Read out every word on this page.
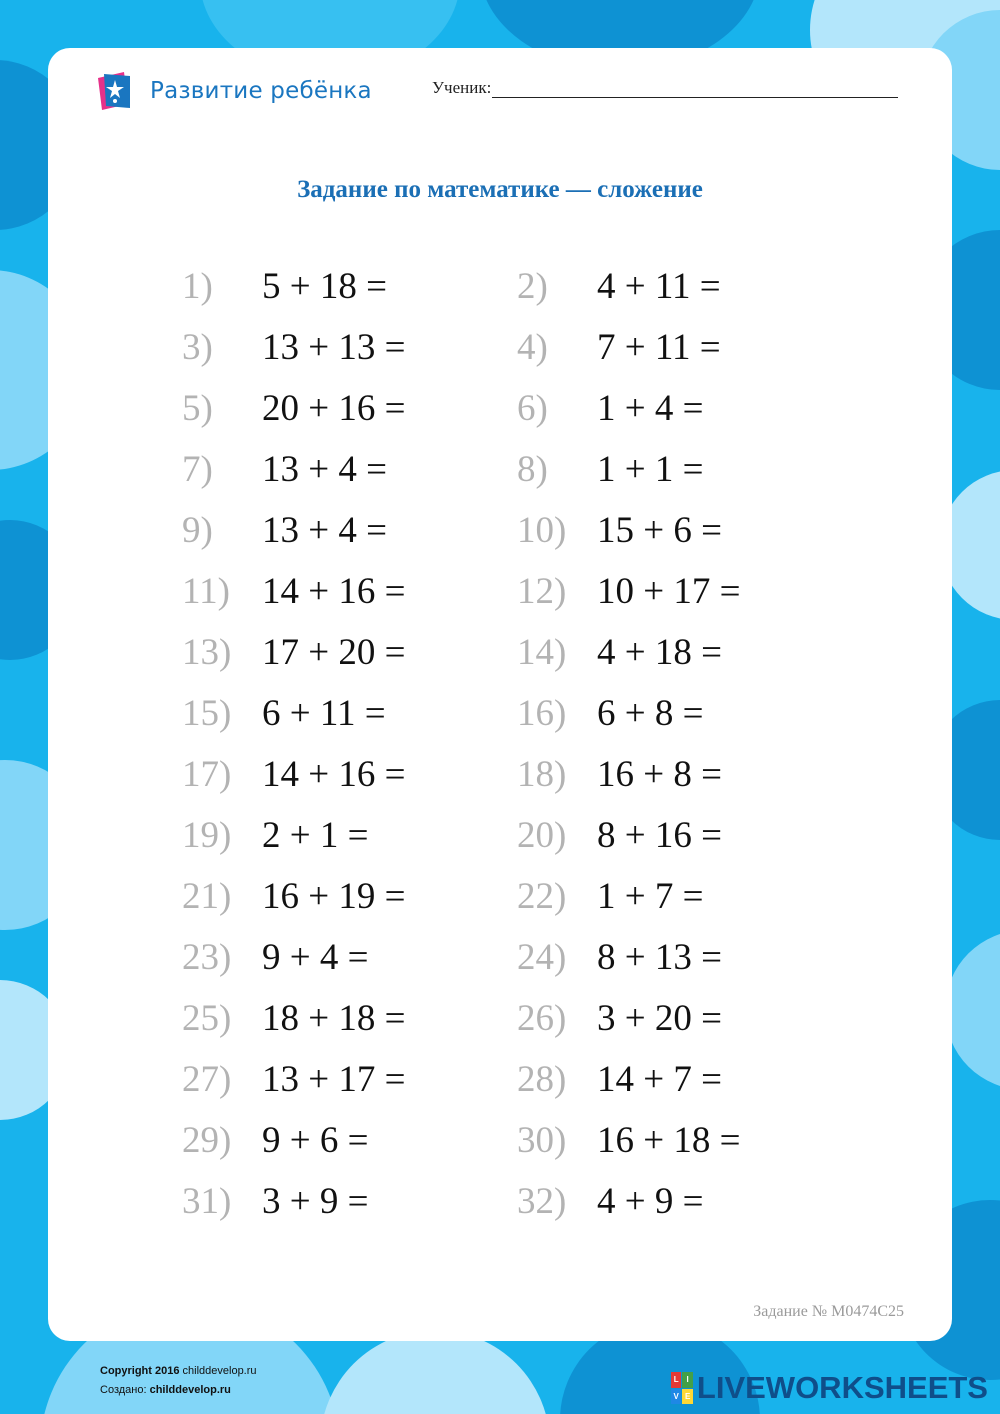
Развитие ребёнка	Ученик:
Задание по математике — сложение
1)	5 + 18 =	2)	4 + 11 =
3)	13 + 13 =	4)	7 + 11 =
5)	20 + 16 =	6)	1 + 4 =
7)	13 + 4 =	8)	1 + 1 =
9)	13 + 4 =	10) 15 + 6 =
11) 14 + 16 =	12) 10 + 17 =
13) 17 + 20 =	14) 4 + 18 =
15) 6 + 11 =	16) 6 + 8 =
17) 14 + 16 =	18) 16 + 8 =
19) 2 + 1 =	20) 8 + 16 =
21) 16 + 19 =	22) 1 + 7 =
23) 9 + 4 =	24) 8 + 13 =
25) 18 + 18 =	26) 3 + 20 =
27) 13 + 17 =	28) 14 + 7 =
29) 9 + 6 =	30) 16 + 18 =
31) 3 + 9 =	32) 4 + 9 =
Задание № M0474C25
Copyright 2016 childdevelop.ru
Создано: childdevelop.ru
L I
V E LIVEWORKSHEETS
